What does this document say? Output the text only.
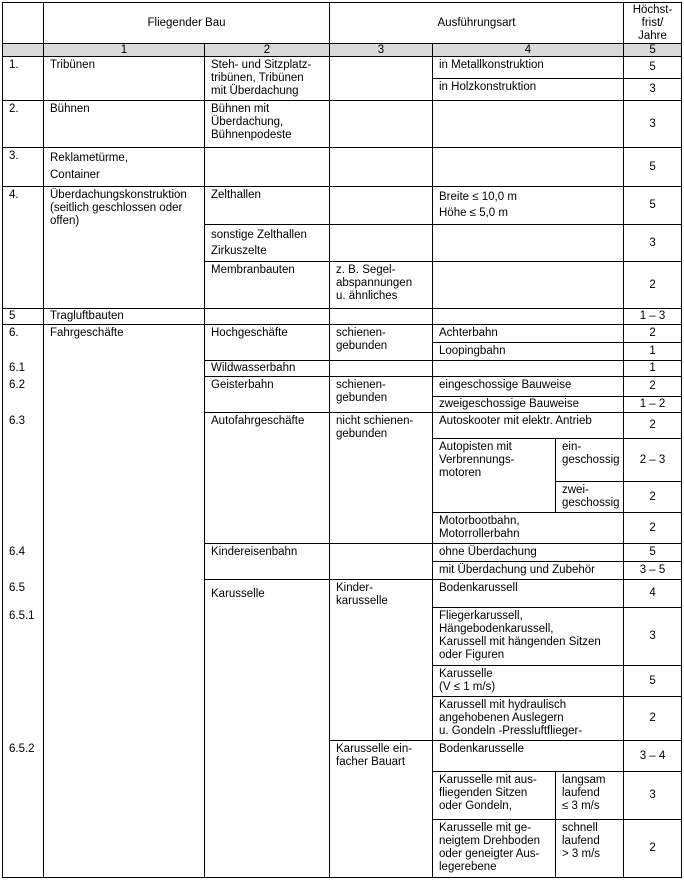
	Fliegender Bau		Ausführungsart			Höchst-
frist/
Jahre
	1	2	3	4		5
1.	Tribünen	Steh- und Sitzplatz-
tribünen, Tribünen
mit Überdachung		in Metallkonstruktion		5
				in Holzkonstruktion		3
2.	Bühnen	Bühnen mit
Überdachung,
Bühnenpodeste				3
3.	Reklametürme,
Container					5
4.	Überdachungskonstruktion
(seitlich geschlossen oder
offen)	Zelthallen		Breite ≤ 10,0 m
Höhe ≤ 5,0 m		5
		sonstige Zelthallen
Zirkuszelte				3
		Membranbauten	z. B. Segel-
abspannungen
u. ähnliches			2
5	Tragluftbauten					1 – 3
6.	Fahrgeschäfte	Hochgeschäfte	schienen-
gebunden	Achterbahn		2
				Loopingbahn		1
6.1		Wildwasserbahn				1
6.2		Geisterbahn	schienen-
gebunden	eingeschossige Bauweise		2
				zweigeschossige Bauweise		1 – 2
6.3		Autofahrgeschäfte	nicht schienen-
gebunden	Autoskooter mit elektr. Antrieb		2
				Autopisten mit
Verbrennungs-
motoren	ein-
geschossig	2 – 3
					zwei-
geschossig	2
				Motorbootbahn,
Motorrollerbahn		2
6.4		Kindereisenbahn		ohne Überdachung		5
				mit Überdachung und Zubehör		3 – 5
6.5		Karusselle	Kinder-
karusselle	Bodenkarussell		4
6.5.1				Fliegerkarussell,
Hängebodenkarussell,
Karussell mit hängenden Sitzen
oder Figuren		3
				Karusselle
(V ≤ 1 m/s)		5
				Karussell mit hydraulisch
angehobenen Auslegern
u. Gondeln -Pressluftflieger-		2
6.5.2			Karusselle ein-
facher Bauart	Bodenkarusselle		3 – 4
				Karusselle mit aus-
fliegenden Sitzen
oder Gondeln,	langsam
laufend
≤ 3 m/s	3
				Karusselle mit ge-
neigtem Drehboden
oder geneigter Aus-
legerebene	schnell
laufend
> 3 m/s	2
